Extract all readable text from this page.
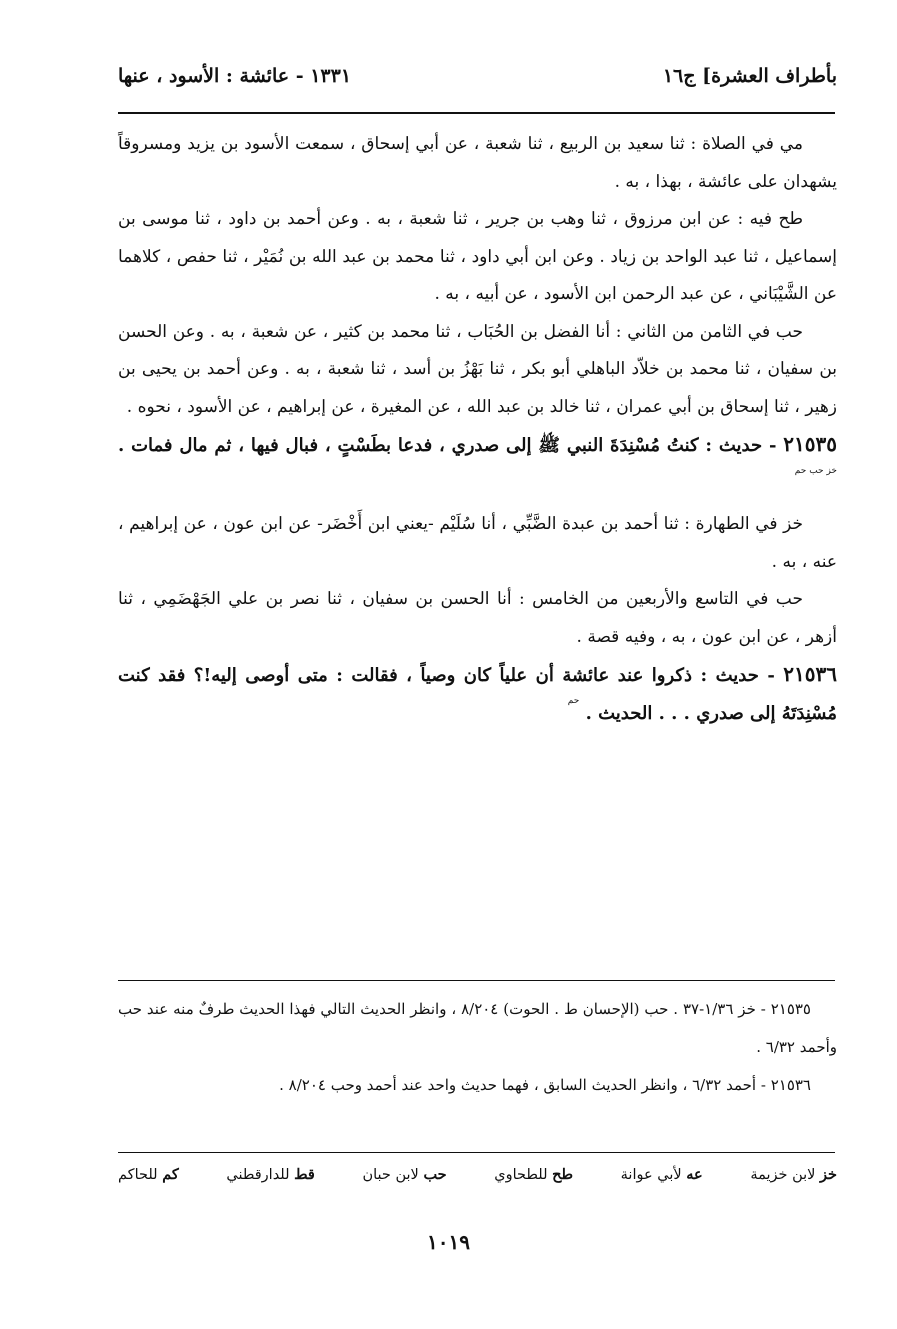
بأطراف العشرة] ج١٦
١٣٣١ - عائشة : الأسود ، عنها

مي في الصلاة : ثنا سعيد بن الربيع ، ثنا شعبة ، عن أبي إسحاق ، سمعت الأسود بن يزيد ومسروقاً يشهدان على عائشة ، بهذا ، به .

طح فيه : عن ابن مرزوق ، ثنا وهب بن جرير ، ثنا شعبة ، به . وعن أحمد بن داود ، ثنا موسى بن إسماعيل ، ثنا عبد الواحد بن زياد . وعن ابن أبي داود ، ثنا محمد بن عبد الله بن نُمَيْر ، ثنا حفص ، كلاهما عن الشَّيْبَاني ، عن عبد الرحمن ابن الأسود ، عن أبيه ، به .

حب في الثامن من الثاني : أنا الفضل بن الحُبَاب ، ثنا محمد بن كثير ، عن شعبة ، به . وعن الحسن بن سفيان ، ثنا محمد بن خلاّد الباهلي أبو بكر ، ثنا بَهْزُ بن أسد ، ثنا شعبة ، به . وعن أحمد بن يحيى بن زهير ، ثنا إسحاق بن أبي عمران ، ثنا خالد بن عبد الله ، عن المغيرة ، عن إبراهيم ، عن الأسود ، نحوه .

٢١٥٣٥ - حديث : كنتُ مُسْنِدَةَ النبي ﷺ إلى صدري ، فدعا بطَسْتٍ ، فبال فيها ، ثم مال فمات . $^{خز حب حم}$

خز في الطهارة : ثنا أحمد بن عبدة الضَّبِّي ، أنا سُلَيْم -يعني ابن أَخْضَر- عن ابن عون ، عن إبراهيم ، عنه ، به .

حب في التاسع والأربعين من الخامس : أنا الحسن بن سفيان ، ثنا نصر بن علي الجَهْضَمِي ، ثنا أزهر ، عن ابن عون ، به ، وفيه قصة .

٢١٥٣٦ - حديث : ذكروا عند عائشة أن علياً كان وصياً ، فقالت : متى أوصى إليه!؟ فقد كنت مُسْنِدَتَهُ إلى صدري . . . الحديث . $^{حم}$

٢١٥٣٥ - خز ١/٣٦-٣٧ . حب (الإحسان ط . الحوت) ٨/٢٠٤ ، وانظر الحديث التالي فهذا الحديث طرفٌ منه عند حب وأحمد ٦/٣٢ .

٢١٥٣٦ - أحمد ٦/٣٢ ، وانظر الحديث السابق ، فهما حديث واحد عند أحمد وحب ٨/٢٠٤ .

خز لابن خزيمة
عه لأبي عوانة
طح للطحاوي
حب لابن حبان
قط للدارقطني
كم للحاكم
١٠١٩
